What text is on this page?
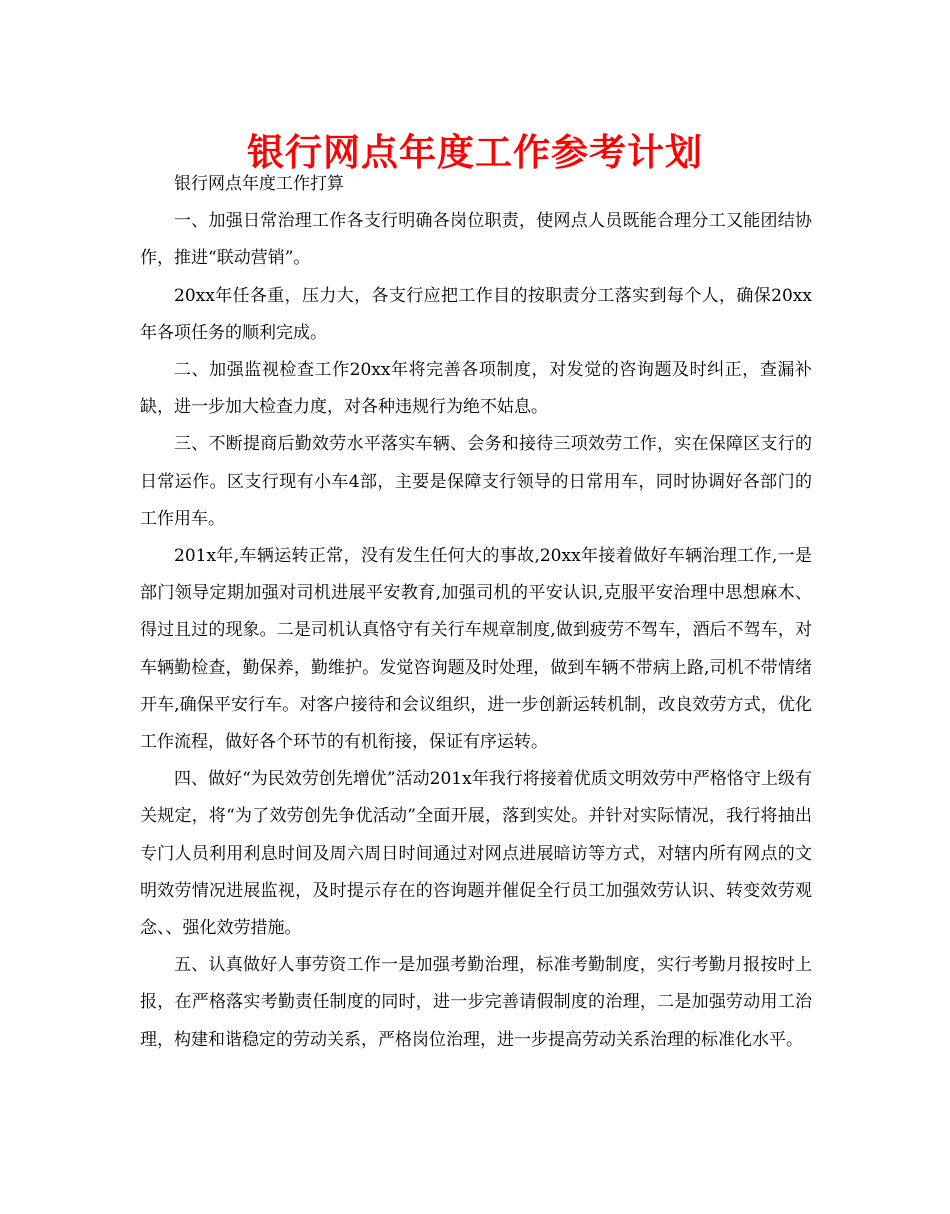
银行网点年度工作参考计划

银行网点年度工作打算

一、加强日常治理工作各支行明确各岗位职责，使网点人员既能合理分工又能团结协作，推进“联动营销”。

20xx年任各重，压力大，各支行应把工作目的按职责分工落实到每个人，确保20xx年各项任务的顺利完成。

二、加强监视检查工作20xx年将完善各项制度，对发觉的咨询题及时纠正，查漏补缺，进一步加大检查力度，对各种违规行为绝不姑息。

三、不断提商后勤效劳水平落实车辆、会务和接待三项效劳工作，实在保障区支行的日常运作。区支行现有小车4部，主要是保障支行领导的日常用车，同时协调好各部门的工作用车。

201x年,车辆运转正常，没有发生任何大的事故,20xx年接着做好车辆治理工作,一是部门领导定期加强对司机进展平安教育,加强司机的平安认识,克服平安治理中思想麻木、得过且过的现象。二是司机认真恪守有关行车规章制度,做到疲劳不驾车，酒后不驾车，对车辆勤检查，勤保养，勤维护。发觉咨询题及时处理，做到车辆不带病上路,司机不带情绪开车,确保平安行车。对客户接待和会议组织，进一步创新运转机制，改良效劳方式，优化工作流程，做好各个环节的有机衔接，保证有序运转。

四、做好“为民效劳创先增优”活动201x年我行将接着优质文明效劳中严格恪守上级有关规定，将“为了效劳创先争优活动”全面开展，落到实处。并针对实际情况，我行将抽出专门人员利用利息时间及周六周日时间通过对网点进展暗访等方式，对辖内所有网点的文明效劳情况进展监视，及时提示存在的咨询题并催促全行员工加强效劳认识、转变效劳观念、、强化效劳措施。

五、认真做好人事劳资工作一是加强考勤治理，标准考勤制度，实行考勤月报按时上报，在严格落实考勤责任制度的同时，进一步完善请假制度的治理，二是加强劳动用工治理，构建和谐稳定的劳动关系，严格岗位治理，进一步提高劳动关系治理的标准化水平。
